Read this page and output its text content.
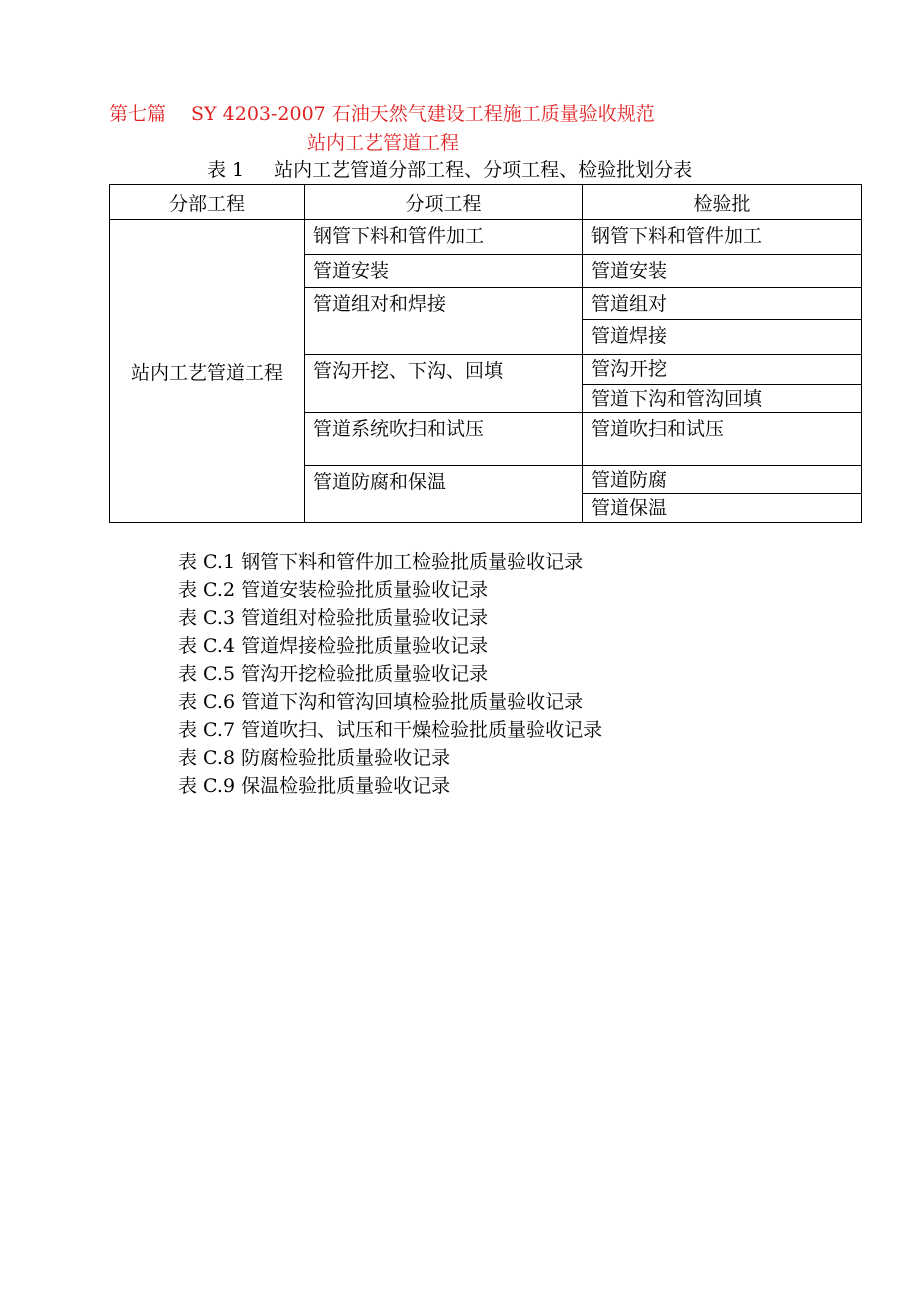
第七篇　 SY 4203-2007 石油天然气建设工程施工质量验收规范
站内工艺管道工程
表 1 站内工艺管道分部工程、分项工程、检验批划分表
分部工程	分项工程	检验批
站内工艺管道工程	钢管下料和管件加工	钢管下料和管件加工

	管道安装	管道安装

	管道组对和焊接	管道组对

		管道焊接

	管沟开挖、下沟、回填	管沟开挖

		管道下沟和管沟回填

	管道系统吹扫和试压	管道吹扫和试压

	管道防腐和保温	管道防腐

		管道保温
表 C.1 钢管下料和管件加工检验批质量验收记录
表 C.2 管道安装检验批质量验收记录
表 C.3 管道组对检验批质量验收记录
表 C.4 管道焊接检验批质量验收记录
表 C.5 管沟开挖检验批质量验收记录
表 C.6 管道下沟和管沟回填检验批质量验收记录
表 C.7 管道吹扫、试压和干燥检验批质量验收记录
表 C.8 防腐检验批质量验收记录
表 C.9 保温检验批质量验收记录
